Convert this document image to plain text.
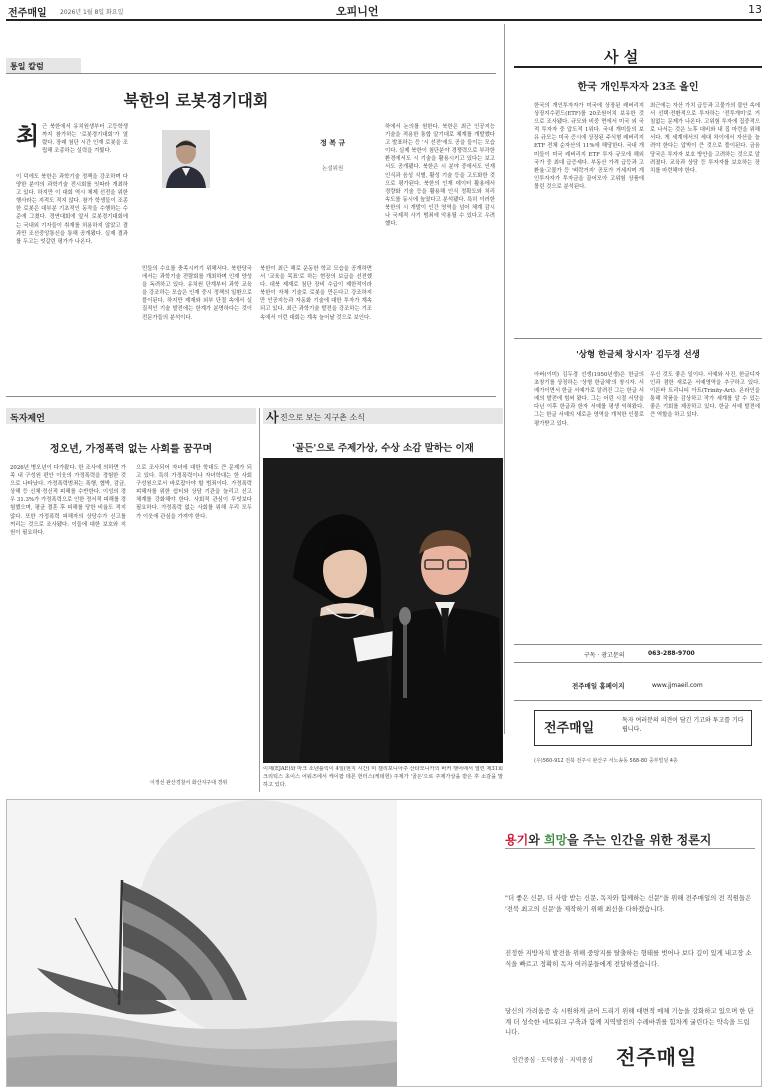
전주매일 2026년 1월 8일 화요일	오피니언	13
통일 칼럼
북한의 로봇경기대회
최 근 북한에서 유치원생부터 고등학생까지 참가하는 '로봇경기대회'가 열렸다. 장래 첨단 시간 인재 로봇을 조립해 조종하는 실력을 겨뤘다.
이 덕에도 북한은 과학기술 정책을 강조하며 다양한 분야의 과학기술 전시회를 잇따라 개최하고 있다. 하지만 이 대회 역시 체제 선전을 위한 행사라는 지적도 적지 않다. 참가 학생들이 조종한 로봇은 대부분 기초적인 동작을 수행하는 수준에 그쳤다. 경연대회에 앞서 로봇경기대회에는 국내외 기자들이 취재를 허용하지 않았고 결과만 조선중앙통신을 통해 공개됐다. 실제 결과를 두고는 엇갈린 평가가 나온다.
정 복 규
논설위원
민들의 수요를 충족시키기 위해서다. 북한당국에서는 과학기술 전람회를 개최하며 인재 양성을 독려하고 있다. 유치원 단계부터 과학 교육을 강조하는 모습은 인재 중시 정책의 일환으로 풀이된다. 하지만 제재와 외부 단절 속에서 실질적인 기술 발전에는 한계가 분명하다는 것이 전문가들의 분석이다.
북한이 최근 해로 운동한 학교 모습을 공개하면서 '교육을 목표'로 하는 현장의 보급을 선전했다. 대북 제재로 첨단 장비 수급이 제한적이라 북한이 자체 기술로 로봇을 만든다고 강조하지만 인공지능과 자동화 기술에 대한 투자가 계속되고 있다. 최근 과학기술 발전을 강조하는 기조 속에서 이런 대회는 계속 늘어날 것으로 보인다.
하에서 논의를 원한다. 북한은 최근 인공지능 기술을 적용한 통합 알기대로 체계를 개발했다고 발표하는 등 '시 선전'에도 공을 들이는 모습이다. 실제 북한이 첨단분야 경쟁력으로 부각한 환경에서도 시 기술을 활용시키고 있다는 보고서도 공개됐다. 북한은 시 분야 중에서도 인재 인식과 음성 식별, 활성 기술 등을 고도화한 것으로 평가된다. 북한의 인재 데이터 활용에서 경량화 기술 등을 활용해 인식 정확도와 처리 속도를 동시에 높였다고 분석됐다. 특히 이러한 북한의 시 개발이 인간 영역을 넘어 체계 감시나 국제적 사기 범죄에 악용될 수 있다고 우려했다.
사 설
한국 개인투자자 23조 올인
한국의 개인투자자가 미국에 상장된 레버리지 상장지수펀드(ETF)를 20조원어치 보유한 것으로 조사됐다. 규모와 비중 면에서 미국 외 국적 투자자 중 압도적 1위다. 국내 개미들의 보유 규모는 미국 증시에 상장된 주식형 레버리지 ETF 전체 순자산의 11%에 해당한다. 국내 개미들이 미국 레버리지 ETF 투자 규모에 해외 국가 중 최대 급증세다. 부동산 가격 급등과 고환율·고물가 등 '벼락거지' 공포가 거세지며 개인투자자가 투자금을 끌어모아 고위험 상품에 몰린 것으로 분석된다.
최근에는 자산 가치 급등과 고물가의 불안 속에서 선택·전환적으로 투자하는 '전투개미'로 거침없는 문제가 나온다. 고위험 투자에 집중적으로 나서는 것은 노후 대비와 내 집 마련을 위해서다. 게 세계에서의 세대 차이에서 자산을 늘려야 한다는 압박이 큰 것으로 풀이된다. 금융당국은 투자자 보호 방안을 고려하는 것으로 알려졌다. 교육과 상담 등 투자자를 보호하는 장치를 마련해야 한다.
'상형 한글체 창시자' 김두경 선생
아버(이미) 김두경 선생(1950년생)은 한글의 초창기를 상징하는 '상형 한글체'의 창시자. 서예가이면서 한글 서예가로 알려진 그는 한글 서예의 발전에 힘써 왔다. 그는 어린 시절 서당을 다닌 이후 한글과 한자 서예를 평생 익혀왔다. 그는 한글 서예의 새로운 영역을 개척한 인물로 평가받고 있다.
우신 것도 좋은 일이다. 서예와 사진, 한글디자인과 겸한 새로운 서예영역을 추구하고 있다. 이른바 트리니티 아트(Trinity-Art). 온라인을 통해 작품을 감상하고 작가 세계를 알 수 있는 좋은 기회를 제공하고 있다. 한글 서예 발전에 큰 역할을 하고 있다.
구독 · 광고문의	063-288-9700
전주매일 홈페이지	www.jjmaeil.com
전주매일
독자 여러분의 의견이 담긴 기고와 투고를 기다립니다.
(우)560-912 전북 전주시 완산구 서노송동 568-80 중부빌딩 4층
독자제언
정오년, 가정폭력 없는 사회를 꿈꾸며
2026년 병오년이 다가왔다. 한 조사에 의하면 가족 내 구성원 편안 이웃의 가정폭력을 경험한 것으로 나타났다. 가정폭력범죄는 폭행, 협박, 감금, 상해 등 신체·정신적 피해를 수반한다. 이성의 경우 31.3%가 가정폭력으로 인한 정서적 피해를 경험했으며, 평균 결혼 후 피해를 당한 비율도 적지 않다. 또한 가정폭력 피해자의 상당수가 신고를 꺼리는 것으로 조사됐다. 이들에 대한 보호와 지원이 필요하다.
으로 조사되어 자녀에 대한 학대도 큰 문제가 되고 있다. 특히 가정폭력이나 자녀학대는 한 사회 구성원으로서 바로잡아야 할 범죄이다. 가정폭력 피해자를 위한 쉼터와 상담 기관을 늘리고 신고 체계를 강화해야 한다. 사회적 관심이 무엇보다 필요하다. 가정폭력 없는 사회를 위해 우리 모두가 이웃에 관심을 가져야 한다.
이정선 완산경찰서 화산지구대 경위
사 진으로 보는 지구촌 소식
'골든'으로 주제가상, 수상 소감 말하는 이재
이재(EJAE)와 마크 소넨블릭이 4일(현지 시간) 미 캘리포니아주 산타모니카의 바커 행어에서 열린 제31회 크리틱스 초이스 어워즈에서 케이팝 데몬 헌터스(케데헌) 주제가 '골든'으로 주제가상을 받은 후 소감을 말하고 있다.
용기와 희망을 주는 인간을 위한 정론지
"더 좋은 신문, 더 사랑 받는 신문, 독자와 함께하는 신문"을 위해 전주매일의 전 직원들은 '전북 최고의 신문'을 제작하기 위해 최선을 다하겠습니다.
진정한 지방자치 발전을 위해 중앙지를 탈출하는 형태를 벗어나 보다 깊이 있게 내고장 소식을 빠르고 정확히 독자 여러분들에게 전달하겠습니다.
당신의 가려움증 속 시원하게 긁어 드리기 위해 대변적 매체 기능을 강화하고 있으며 한 단계 더 성숙한 네트워크 구축과 함께 지역발전의 수레바퀴를 힘차게 굴린다는 약속을 드립니다.
인간중심 · 도덕중심 · 지역중심 전주매일
